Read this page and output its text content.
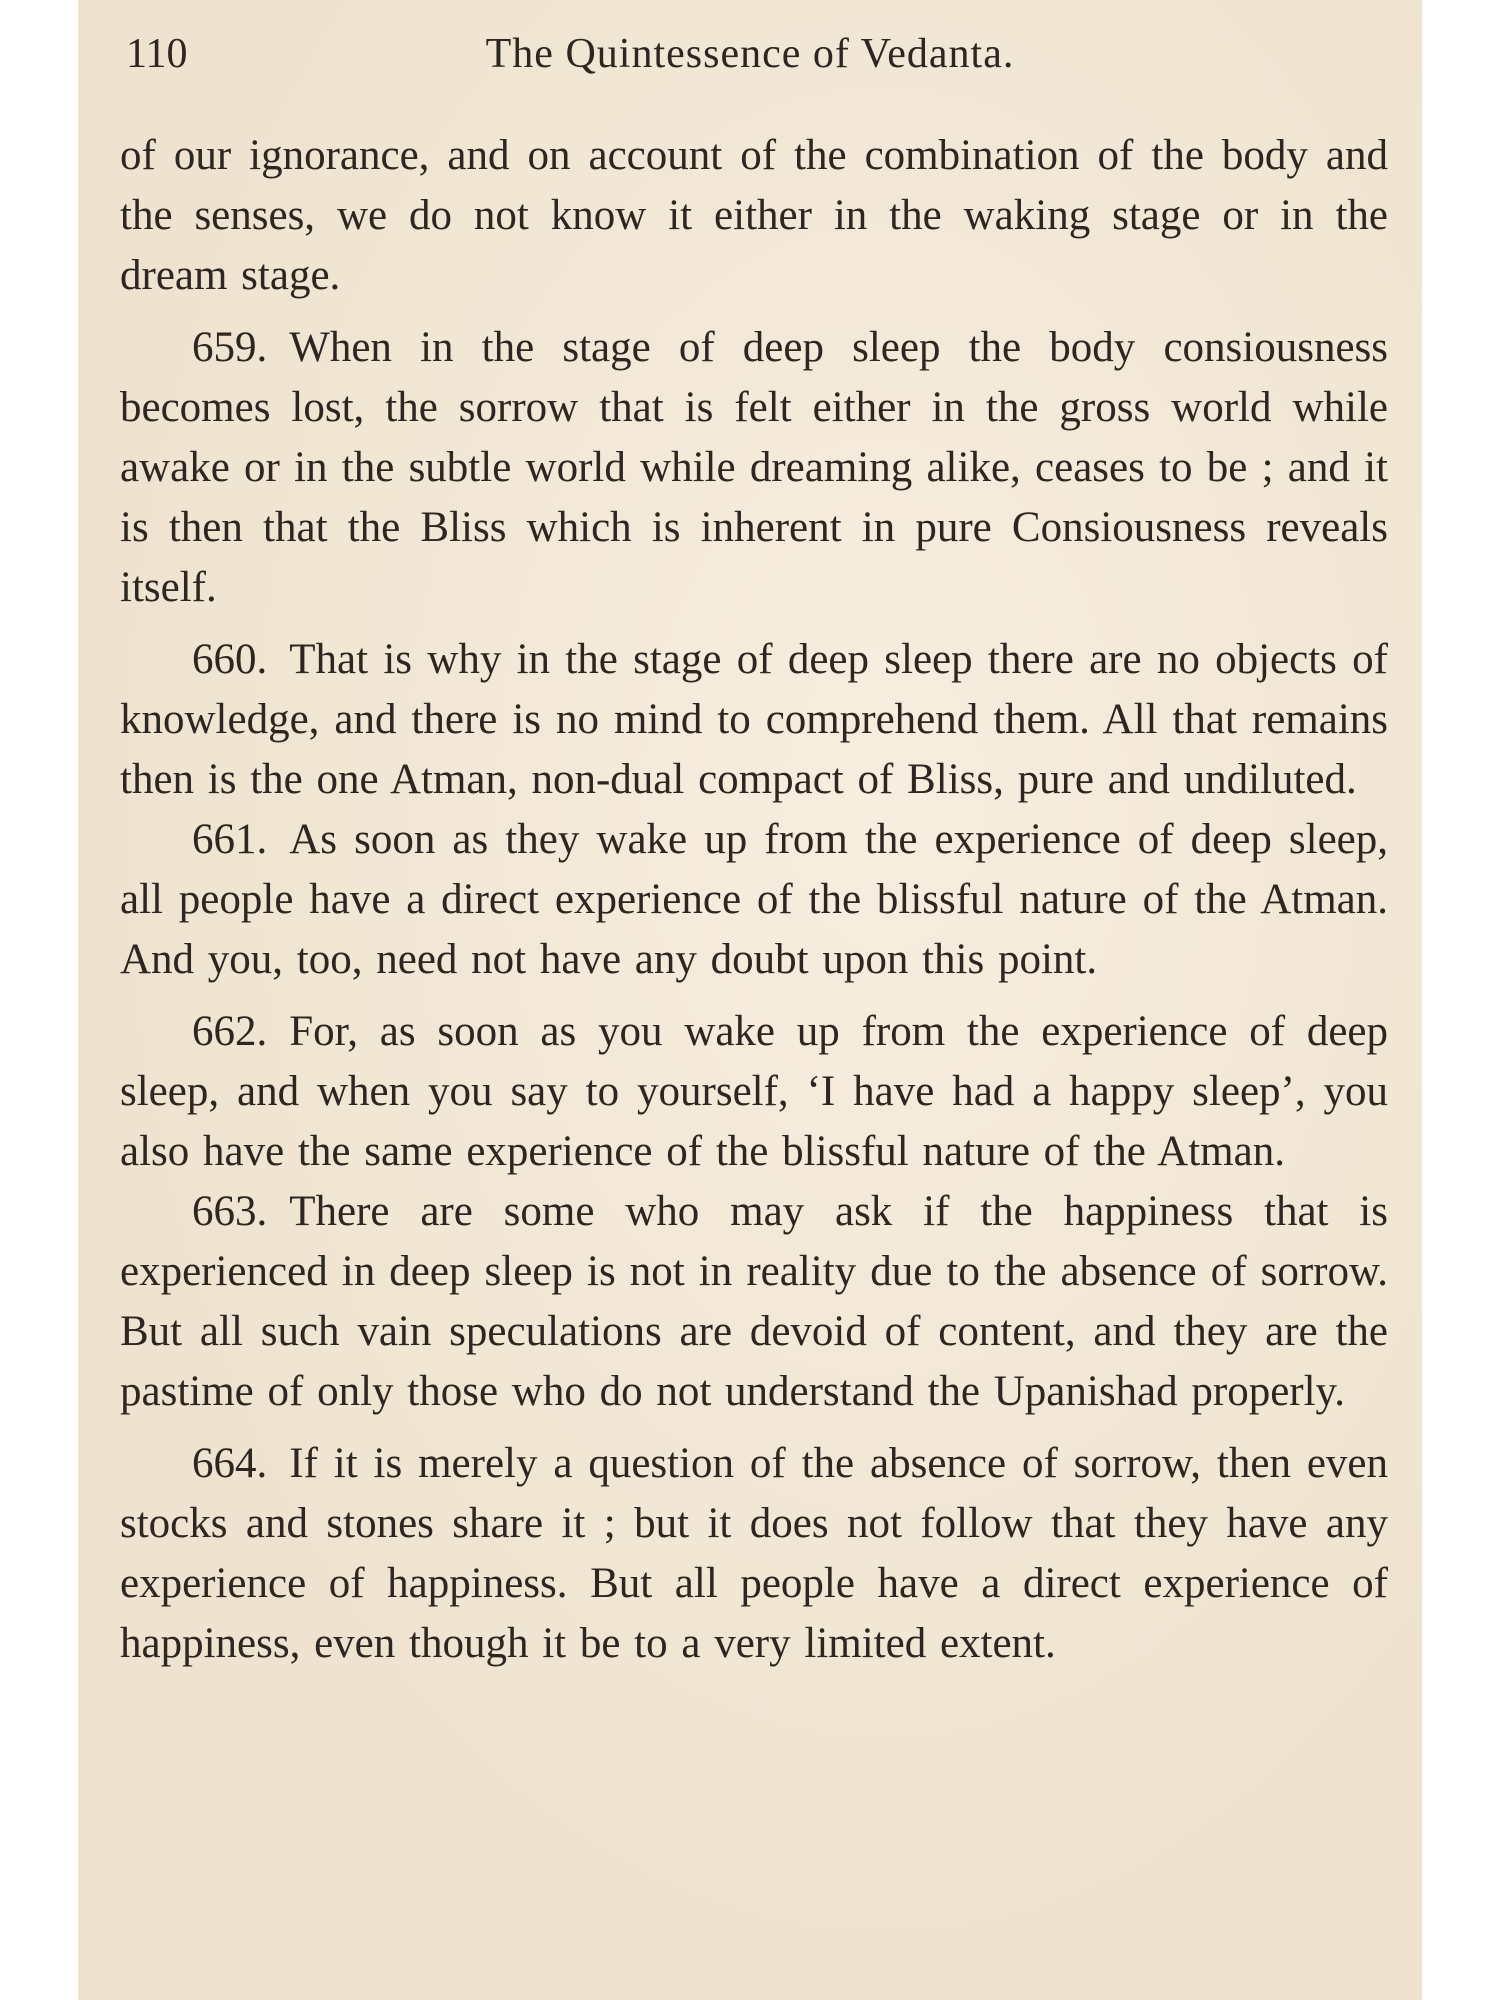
110	The Quintessence of Vedanta.

of our ignorance, and on account of the combination of the body and the senses, we do not know it either in the waking stage or in the dream stage.

659. When in the stage of deep sleep the body consiousness becomes lost, the sorrow that is felt either in the gross world while awake or in the subtle world while dreaming alike, ceases to be ; and it is then that the Bliss which is inherent in pure Consiousness reveals itself.

660. That is why in the stage of deep sleep there are no objects of knowledge, and there is no mind to comprehend them. All that remains then is the one Atman, non-dual compact of Bliss, pure and undiluted.

661. As soon as they wake up from the experience of deep sleep, all people have a direct experience of the blissful nature of the Atman. And you, too, need not have any doubt upon this point.

662. For, as soon as you wake up from the experience of deep sleep, and when you say to yourself, ‘I have had a happy sleep’, you also have the same experience of the blissful nature of the Atman.

663. There are some who may ask if the happiness that is experienced in deep sleep is not in reality due to the absence of sorrow. But all such vain speculations are devoid of content, and they are the pastime of only those who do not understand the Upanishad properly.

664. If it is merely a question of the absence of sorrow, then even stocks and stones share it ; but it does not follow that they have any experience of happiness. But all people have a direct experience of happiness, even though it be to a very limited extent.
